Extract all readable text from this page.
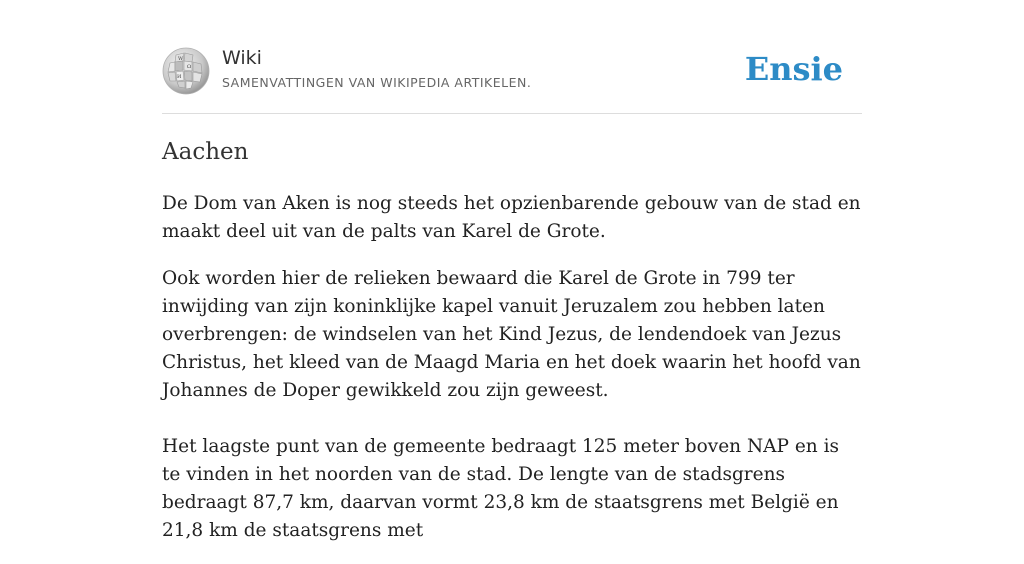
W
Ω
И
Wiki
SAMENVATTINGEN VAN WIKIPEDIA ARTIKELEN.	Ensie
Aachen

De Dom van Aken is nog steeds het opzienbarende gebouw van de stad en maakt deel uit van de palts van Karel de Grote.

Ook worden hier de relieken bewaard die Karel de Grote in 799 ter inwijding van zijn koninklijke kapel vanuit Jeruzalem zou hebben laten overbrengen: de windselen van het Kind Jezus, de lendendoek van Jezus Christus, het kleed van de Maagd Maria en het doek waarin het hoofd van Johannes de Doper gewikkeld zou zijn geweest.

Het laagste punt van de gemeente bedraagt 125 meter boven NAP en is te vinden in het noorden van de stad. De lengte van de stadsgrens bedraagt 87,7 km, daarvan vormt 23,8 km de staatsgrens met België en 21,8 km de staatsgrens met
